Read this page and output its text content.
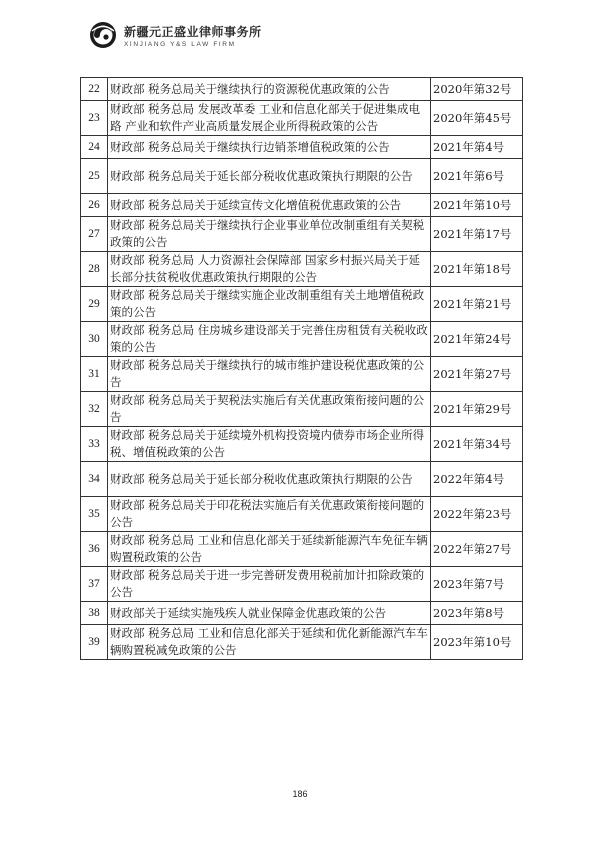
新疆元正盛业律师事务所
XINJIANG Y&S LAW FIRM
22	财政部 税务总局关于继续执行的资源税优惠政策的公告	2020年第32号
23	财政部 税务总局 发展改革委 工业和信息化部关于促进集成电路 产业和软件产业高质量发展企业所得税政策的公告	2020年第45号
24	财政部 税务总局关于继续执行边销茶增值税政策的公告	2021年第4号
25	财政部 税务总局关于延长部分税收优惠政策执行期限的公告	2021年第6号
26	财政部 税务总局关于延续宣传文化增值税优惠政策的公告	2021年第10号
27	财政部 税务总局关于继续执行企业事业单位改制重组有关契税政策的公告	2021年第17号
28	财政部 税务总局 人力资源社会保障部 国家乡村振兴局关于延长部分扶贫税收优惠政策执行期限的公告	2021年第18号
29	财政部 税务总局关于继续实施企业改制重组有关土地增值税政策的公告	2021年第21号
30	财政部 税务总局 住房城乡建设部关于完善住房租赁有关税收政策的公告	2021年第24号
31	财政部 税务总局关于继续执行的城市维护建设税优惠政策的公告	2021年第27号
32	财政部 税务总局关于契税法实施后有关优惠政策衔接问题的公告	2021年第29号
33	财政部 税务总局关于延续境外机构投资境内债券市场企业所得税、增值税政策的公告	2021年第34号
34	财政部 税务总局关于延长部分税收优惠政策执行期限的公告	2022年第4号
35	财政部 税务总局关于印花税法实施后有关优惠政策衔接问题的公告	2022年第23号
36	财政部 税务总局 工业和信息化部关于延续新能源汽车免征车辆购置税政策的公告	2022年第27号
37	财政部 税务总局关于进一步完善研发费用税前加计扣除政策的公告	2023年第7号
38	财政部关于延续实施残疾人就业保障金优惠政策的公告	2023年第8号
39	财政部 税务总局 工业和信息化部关于延续和优化新能源汽车车辆购置税减免政策的公告	2023年第10号
186
